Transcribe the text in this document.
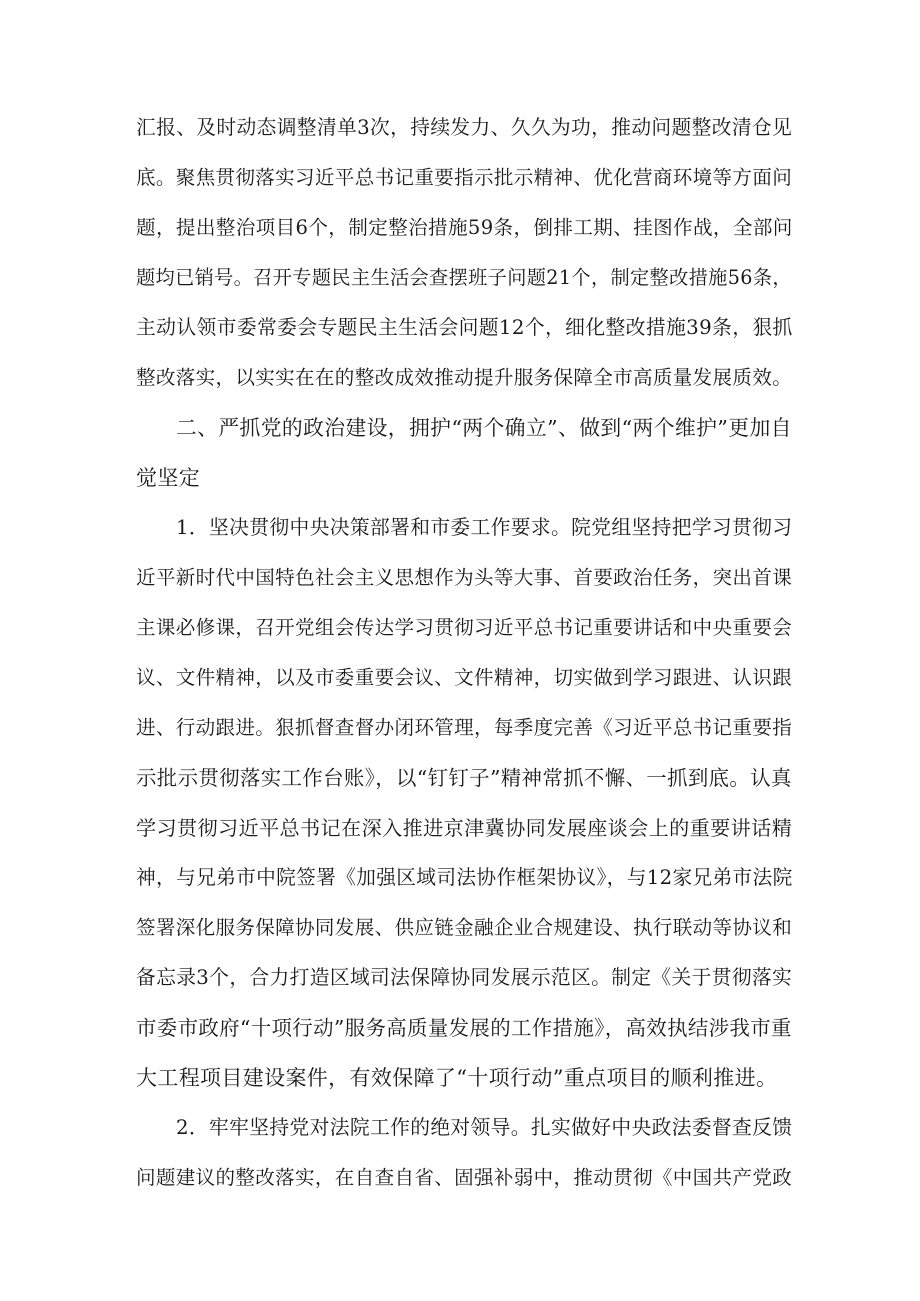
汇报、及时动态调整清单3次，持续发力、久久为功，推动问题整改清仓见
底。聚焦贯彻落实习近平总书记重要指示批示精神、优化营商环境等方面问
题，提出整治项目6个，制定整治措施59条，倒排工期、挂图作战，全部问
题均已销号。召开专题民主生活会查摆班子问题21个，制定整改措施56条，
主动认领市委常委会专题民主生活会问题12个，细化整改措施39条，狠抓
整改落实，以实实在在的整改成效推动提升服务保障全市高质量发展质效。
二、严抓党的政治建设，拥护“两个确立”、做到“两个维护”更加自
觉坚定
1．坚决贯彻中央决策部署和市委工作要求。院党组坚持把学习贯彻习
近平新时代中国特色社会主义思想作为头等大事、首要政治任务，突出首课
主课必修课，召开党组会传达学习贯彻习近平总书记重要讲话和中央重要会
议、文件精神，以及市委重要会议、文件精神，切实做到学习跟进、认识跟
进、行动跟进。狠抓督查督办闭环管理，每季度完善《习近平总书记重要指
示批示贯彻落实工作台账》，以“钉钉子”精神常抓不懈、一抓到底。认真
学习贯彻习近平总书记在深入推进京津冀协同发展座谈会上的重要讲话精
神，与兄弟市中院签署《加强区域司法协作框架协议》，与12家兄弟市法院
签署深化服务保障协同发展、供应链金融企业合规建设、执行联动等协议和
备忘录3个，合力打造区域司法保障协同发展示范区。制定《关于贯彻落实
市委市政府“十项行动”服务高质量发展的工作措施》，高效执结涉我市重
大工程项目建设案件，有效保障了“十项行动”重点项目的顺利推进。
2．牢牢坚持党对法院工作的绝对领导。扎实做好中央政法委督查反馈
问题建议的整改落实，在自查自省、固强补弱中，推动贯彻《中国共产党政
